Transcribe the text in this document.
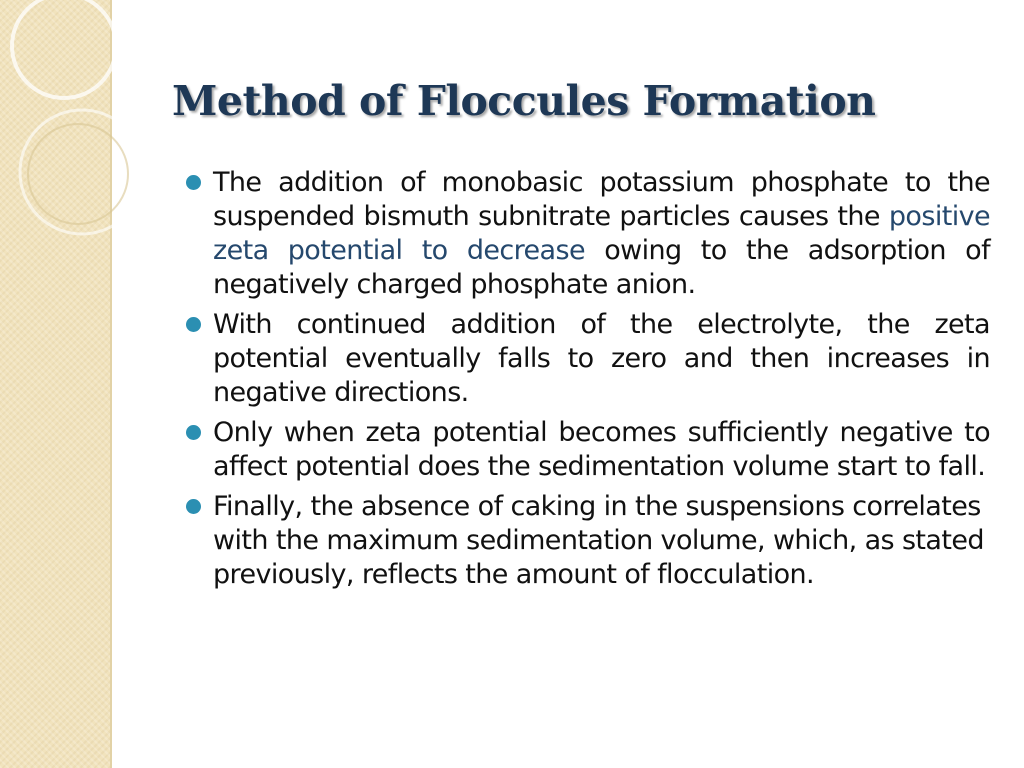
Method of Floccules Formation
The addition of monobasic potassium phosphate to the suspended bismuth subnitrate particles causes the positive zeta potential to decrease owing to the adsorption of negatively charged phosphate anion.
With continued addition of the electrolyte, the zeta potential eventually falls to zero and then increases in negative directions.
Only when zeta potential becomes sufficiently negative to affect potential does the sedimentation volume start to fall.
Finally, the absence of caking in the suspensions correlates with the maximum sedimentation volume, which, as stated previously, reflects the amount of flocculation.
